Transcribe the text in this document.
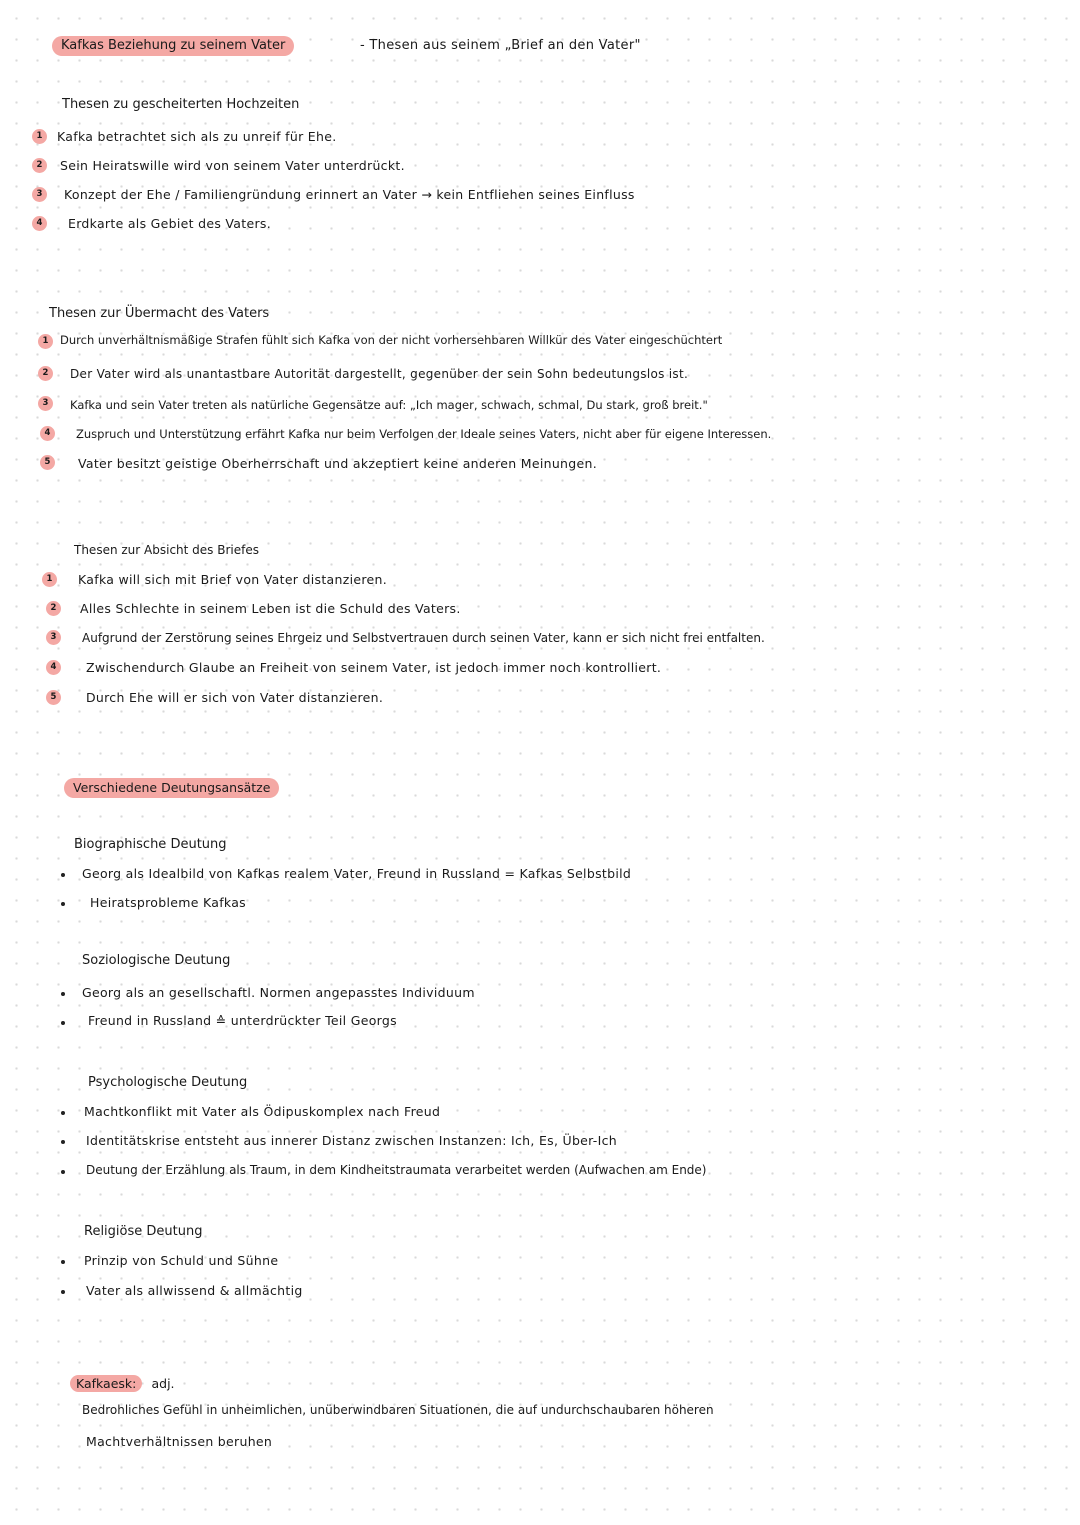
Kafkas Beziehung zu seinem Vater	- Thesen aus seinem „Brief an den Vater"
Thesen zu gescheiterten Hochzeiten
1	Kafka betrachtet sich als zu unreif für Ehe.
2	Sein Heiratswille wird von seinem Vater unterdrückt.
3	Konzept der Ehe / Familiengründung erinnert an Vater → kein Entfliehen seines Einfluss
4	Erdkarte als Gebiet des Vaters.
Thesen zur Übermacht des Vaters
1	Durch unverhältnismäßige Strafen fühlt sich Kafka von der nicht vorhersehbaren Willkür des Vater eingeschüchtert
2	Der Vater wird als unantastbare Autorität dargestellt, gegenüber der sein Sohn bedeutungslos ist.
3	Kafka und sein Vater treten als natürliche Gegensätze auf: „Ich mager, schwach, schmal, Du stark, groß breit."
4	Zuspruch und Unterstützung erfährt Kafka nur beim Verfolgen der Ideale seines Vaters, nicht aber für eigene Interessen.
5	Vater besitzt geistige Oberherrschaft und akzeptiert keine anderen Meinungen.
Thesen zur Absicht des Briefes
1	Kafka will sich mit Brief von Vater distanzieren.
2	Alles Schlechte in seinem Leben ist die Schuld des Vaters.
3	Aufgrund der Zerstörung seines Ehrgeiz und Selbstvertrauen durch seinen Vater, kann er sich nicht frei entfalten.
4	Zwischendurch Glaube an Freiheit von seinem Vater, ist jedoch immer noch kontrolliert.
5	Durch Ehe will er sich von Vater distanzieren.
Verschiedene Deutungsansätze
Biographische Deutung
Georg als Idealbild von Kafkas realem Vater, Freund in Russland = Kafkas Selbstbild
Heiratsprobleme Kafkas
Soziologische Deutung
Georg als an gesellschaftl. Normen angepasstes Individuum
Freund in Russland ≙ unterdrückter Teil Georgs
Psychologische Deutung
Machtkonflikt mit Vater als Ödipuskomplex nach Freud
Identitätskrise entsteht aus innerer Distanz zwischen Instanzen: Ich, Es, Über-Ich
Deutung der Erzählung als Traum, in dem Kindheitstraumata verarbeitet werden (Aufwachen am Ende)
Religiöse Deutung
Prinzip von Schuld und Sühne
Vater als allwissend & allmächtig
Kafkaesk: adj.
Bedrohliches Gefühl in unheimlichen, unüberwindbaren Situationen, die auf undurchschaubaren höheren
Machtverhältnissen beruhen
